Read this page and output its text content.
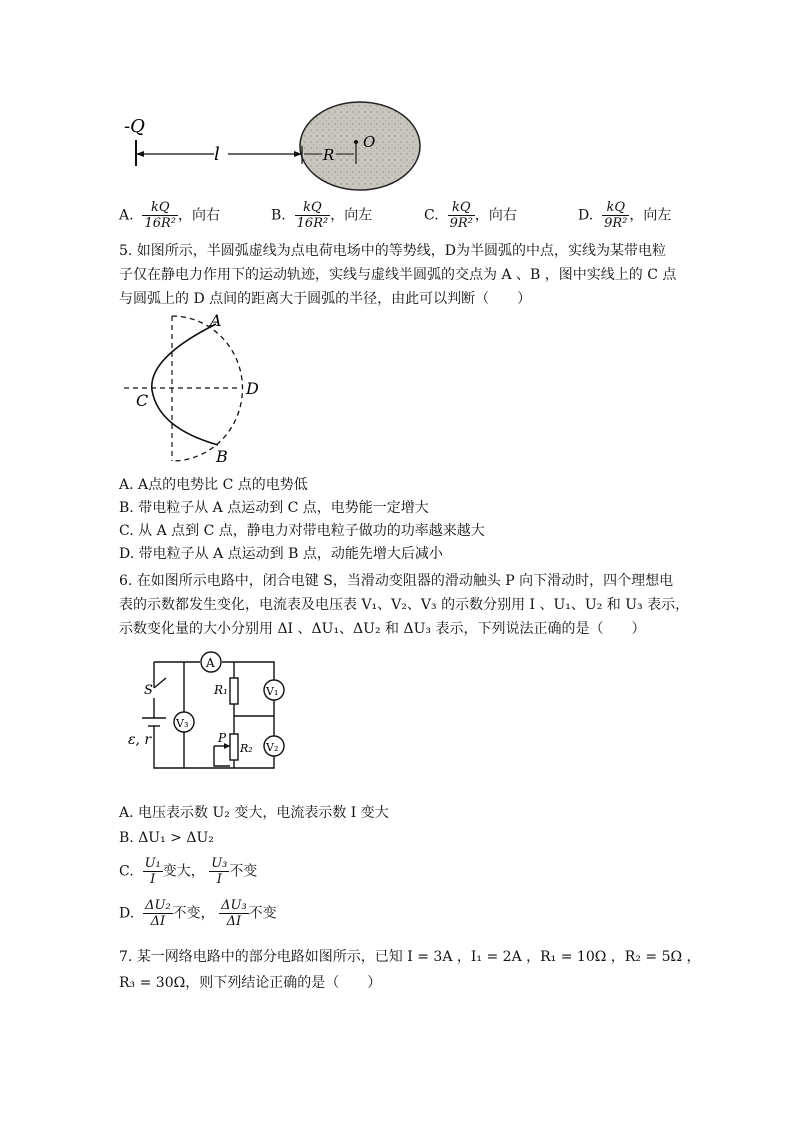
-Q
l	R
O
A. $\frac{kQ}{\text{16R²}}$ ，向右	B. $\frac{kQ}{\text{16R²}}$ ，向左	C. $\frac{kQ}{\text{9R²}}$ ，向右	D. $\frac{kQ}{\text{9R²}}$ ，向左
5. 如图所示，半圆弧虚线为点电荷电场中的等势线，D为半圆弧的中点，实线为某带电粒
子仅在静电力作用下的运动轨迹，实线与虚线半圆弧的交点为 A 、B ，图中实线上的 C 点
与圆弧上的 D 点间的距离大于圆弧的半径，由此可以判断（　　）
A
B
C
D
A. A点的电势比 C 点的电势低
B. 带电粒子从 A 点运动到 C 点，电势能一定增大
C. 从 A 点到 C 点，静电力对带电粒子做功的功率越来越大
D. 带电粒子从 A 点运动到 B 点，动能先增大后减小
6. 在如图所示电路中，闭合电键 S，当滑动变阻器的滑动触头 P 向下滑动时，四个理想电
表的示数都发生变化，电流表及电压表 V₁、V₂、V₃ 的示数分别用 I 、U₁、U₂ 和 U₃ 表示，
示数变化量的大小分别用 ΔI 、ΔU₁、ΔU₂ 和 ΔU₃ 表示，下列说法正确的是（　　）
A
V₁
V₂
V₃
R₁
R₂
P
S
ε, r
A. 电压表示数 U₂ 变大，电流表示数 I 变大
B. ΔU₁ > ΔU₂
C. $\frac{\text{U₁}}{I}$ 变大， $\frac{\text{U₃}}{I}$ 不变
D. $\frac{\text{ΔU₂}}{\Delta I}$ 不变， $\frac{\text{ΔU₃}}{\Delta I}$ 不变
7. 某一网络电路中的部分电路如图所示，已知 I = 3A ，I₁ = 2A ，R₁ = 10Ω ，R₂ = 5Ω ，
R₃ = 30Ω，则下列结论正确的是（　　）
